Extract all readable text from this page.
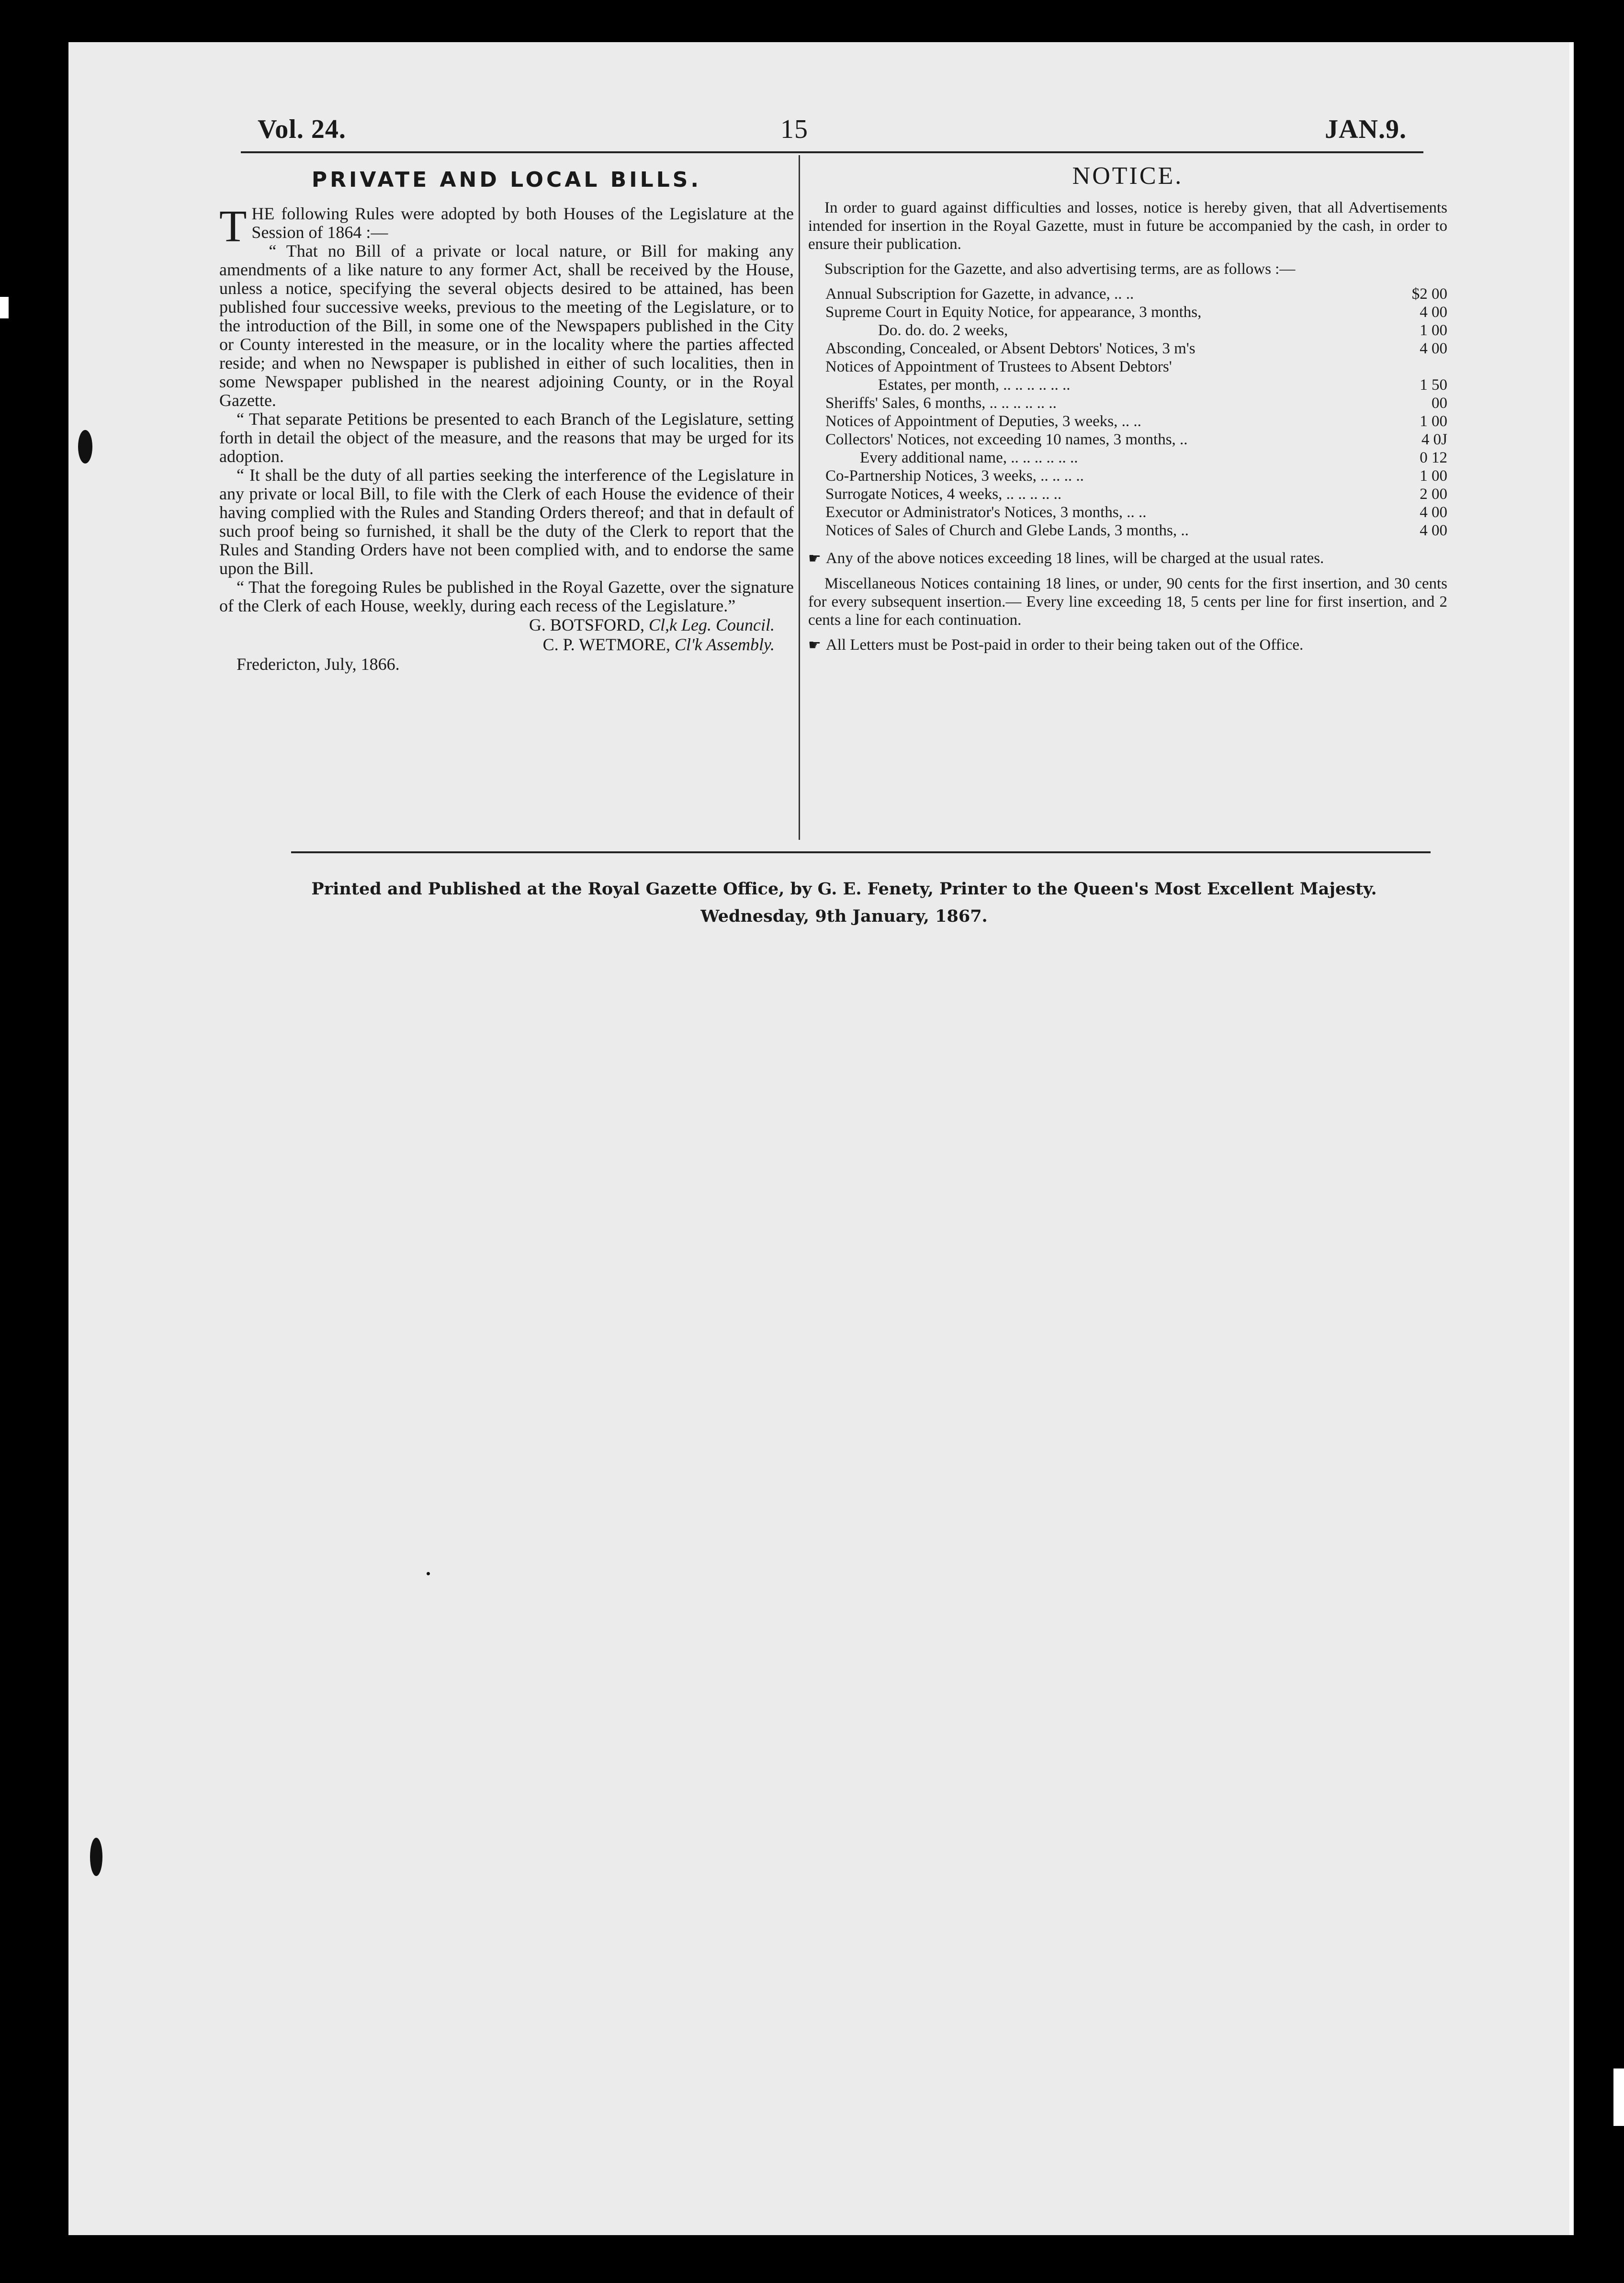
Vol. 24.	15	JAN.9.
PRIVATE AND LOCAL BILLS.

THE following Rules were adopted by both Houses of the Legislature at the Session of 1864 :—

“ That no Bill of a private or local nature, or Bill for making any amendments of a like nature to any former Act, shall be received by the House, unless a notice, specifying the several objects desired to be attained, has been published four successive weeks, previous to the meeting of the Legislature, or to the introduction of the Bill, in some one of the Newspapers published in the City or County interested in the measure, or in the locality where the parties affected reside; and when no Newspaper is published in either of such localities, then in some Newspaper published in the nearest adjoining County, or in the Royal Gazette.

“ That separate Petitions be presented to each Branch of the Legislature, setting forth in detail the object of the measure, and the reasons that may be urged for its adoption.

“ It shall be the duty of all parties seeking the interference of the Legislature in any private or local Bill, to file with the Clerk of each House the evidence of their having complied with the Rules and Standing Orders thereof; and that in default of such proof being so furnished, it shall be the duty of the Clerk to report that the Rules and Standing Orders have not been complied with, and to endorse the same upon the Bill.

“ That the foregoing Rules be published in the Royal Gazette, over the signature of the Clerk of each House, weekly, during each recess of the Legislature.”

G. BOTSFORD, Cl,k Leg. Council.

C. P. WETMORE, Cl'k Assembly.

Fredericton, July, 1866.

NOTICE.

In order to guard against difficulties and losses, notice is hereby given, that all Advertisements intended for insertion in the Royal Gazette, must in future be accompanied by the cash, in order to ensure their publication.

Subscription for the Gazette, and also advertising terms, are as follows :—

Annual Subscription for Gazette, in advance, .. ..	$2 00
Supreme Court in Equity Notice, for appearance, 3 months,	4 00
Do. do. do. 2 weeks,	1 00
Absconding, Concealed, or Absent Debtors' Notices, 3 m's	4 00
Notices of Appointment of Trustees to Absent Debtors'
Estates, per month, .. .. .. .. .. ..	1 50
Sheriffs' Sales, 6 months, .. .. .. .. .. ..	00
Notices of Appointment of Deputies, 3 weeks, .. ..	1 00
Collectors' Notices, not exceeding 10 names, 3 months, ..	4 0J
Every additional name, .. .. .. .. .. ..	0 12
Co-Partnership Notices, 3 weeks, .. .. .. ..	1 00
Surrogate Notices, 4 weeks, .. .. .. .. ..	2 00
Executor or Administrator's Notices, 3 months, .. ..	4 00
Notices of Sales of Church and Glebe Lands, 3 months, ..	4 00

☛ Any of the above notices exceeding 18 lines, will be charged at the usual rates.

Miscellaneous Notices containing 18 lines, or under, 90 cents for the first insertion, and 30 cents for every subsequent insertion.— Every line exceeding 18, 5 cents per line for first insertion, and 2 cents a line for each continuation.

☛ All Letters must be Post-paid in order to their being taken out of the Office.

Printed and Published at the Royal Gazette Office, by G. E. Fenety, Printer to the Queen's Most Excellent Majesty.

Wednesday, 9th January, 1867.
